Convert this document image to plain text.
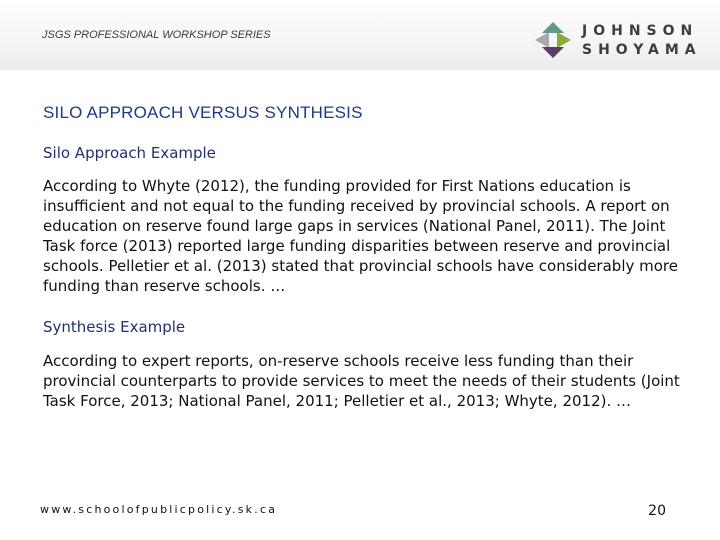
JSGS PROFESSIONAL WORKSHOP SERIES	JOHNSON
SHOYAMA
SILO APPROACH VERSUS SYNTHESIS
Silo Approach Example

According to Whyte (2012), the funding provided for First Nations education is insufficient and not equal to the funding received by provincial schools. A report on education on reserve found large gaps in services (National Panel, 2011). The Joint Task force (2013) reported large funding disparities between reserve and provincial schools. Pelletier et al. (2013) stated that provincial schools have considerably more funding than reserve schools. …

Synthesis Example

According to expert reports, on-reserve schools receive less funding than their provincial counterparts to provide services to meet the needs of their students (Joint Task Force, 2013; National Panel, 2011; Pelletier et al., 2013; Whyte, 2012). …

www.schoolofpublicpolicy.sk.ca	20
